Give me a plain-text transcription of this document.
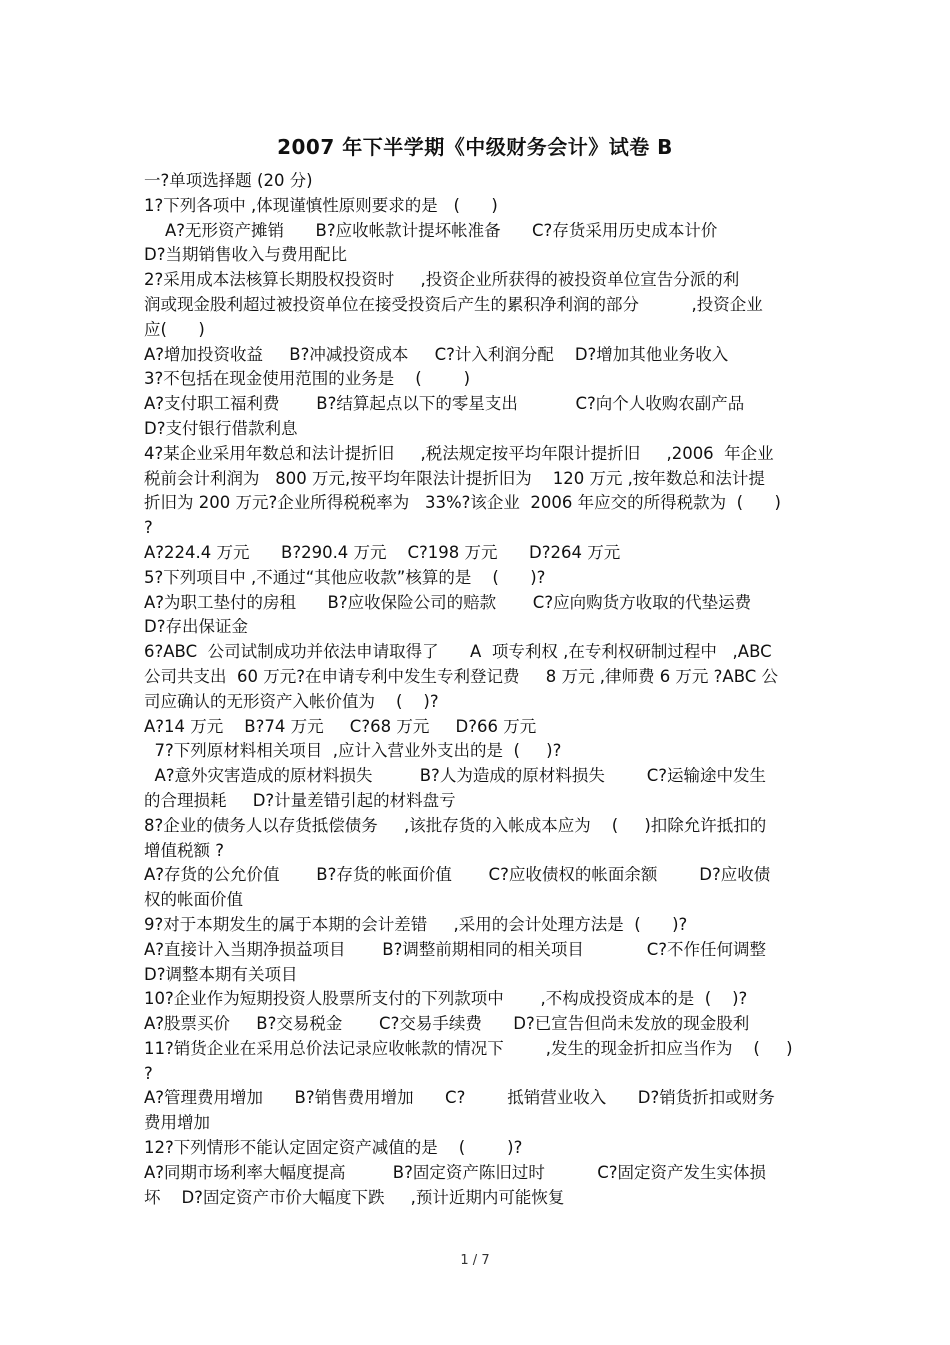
2007 年下半学期《中级财务会计》试卷 B
一?单项选择题 (20 分)
1?下列各项中 ,体现谨慎性原则要求的是   (      )
A?无形资产摊销      B?应收帐款计提坏帐准备      C?存货采用历史成本计价
D?当期销售收入与费用配比
2?采用成本法核算长期股权投资时     ,投资企业所获得的被投资单位宣告分派的利
润或现金股利超过被投资单位在接受投资后产生的累积净利润的部分          ,投资企业
应(      )
A?增加投资收益     B?冲减投资成本     C?计入利润分配    D?增加其他业务收入
3?不包括在现金使用范围的业务是    (        )
A?支付职工福利费       B?结算起点以下的零星支出           C?向个人收购农副产品
D?支付银行借款利息
4?某企业采用年数总和法计提折旧     ,税法规定按平均年限计提折旧     ,2006  年企业
税前会计利润为   800 万元,按平均年限法计提折旧为    120 万元 ,按年数总和法计提
折旧为 200 万元?企业所得税税率为   33%?该企业  2006 年应交的所得税款为  (      )
?
A?224.4 万元      B?290.4 万元    C?198 万元      D?264 万元
5?下列项目中 ,不通过“其他应收款”核算的是    (      )?
A?为职工垫付的房租      B?应收保险公司的赔款       C?应向购货方收取的代垫运费
D?存出保证金
6?ABC  公司试制成功并依法申请取得了      A  项专利权 ,在专利权研制过程中   ,ABC
公司共支出  60 万元?在申请专利中发生专利登记费     8 万元 ,律师费 6 万元 ?ABC 公
司应确认的无形资产入帐价值为    (    )?
A?14 万元    B?74 万元     C?68 万元     D?66 万元
7?下列原材料相关项目  ,应计入营业外支出的是  (     )?
A?意外灾害造成的原材料损失         B?人为造成的原材料损失        C?运输途中发生
的合理损耗     D?计量差错引起的材料盘亏
8?企业的债务人以存货抵偿债务     ,该批存货的入帐成本应为    (     )扣除允许抵扣的
增值税额 ?
A?存货的公允价值       B?存货的帐面价值       C?应收债权的帐面余额        D?应收债
权的帐面价值
9?对于本期发生的属于本期的会计差错     ,采用的会计处理方法是  (      )?
A?直接计入当期净损益项目       B?调整前期相同的相关项目            C?不作任何调整
D?调整本期有关项目
10?企业作为短期投资人股票所支付的下列款项中       ,不构成投资成本的是  (    )?
A?股票买价     B?交易税金       C?交易手续费      D?已宣告但尚未发放的现金股利
11?销货企业在采用总价法记录应收帐款的情况下        ,发生的现金折扣应当作为    (     )
?
A?管理费用增加      B?销售费用增加      C?        抵销营业收入      D?销货折扣或财务
费用增加
12?下列情形不能认定固定资产减值的是    (        )?
A?同期市场利率大幅度提高         B?固定资产陈旧过时          C?固定资产发生实体损
坏    D?固定资产市价大幅度下跌     ,预计近期内可能恢复
1 / 7
